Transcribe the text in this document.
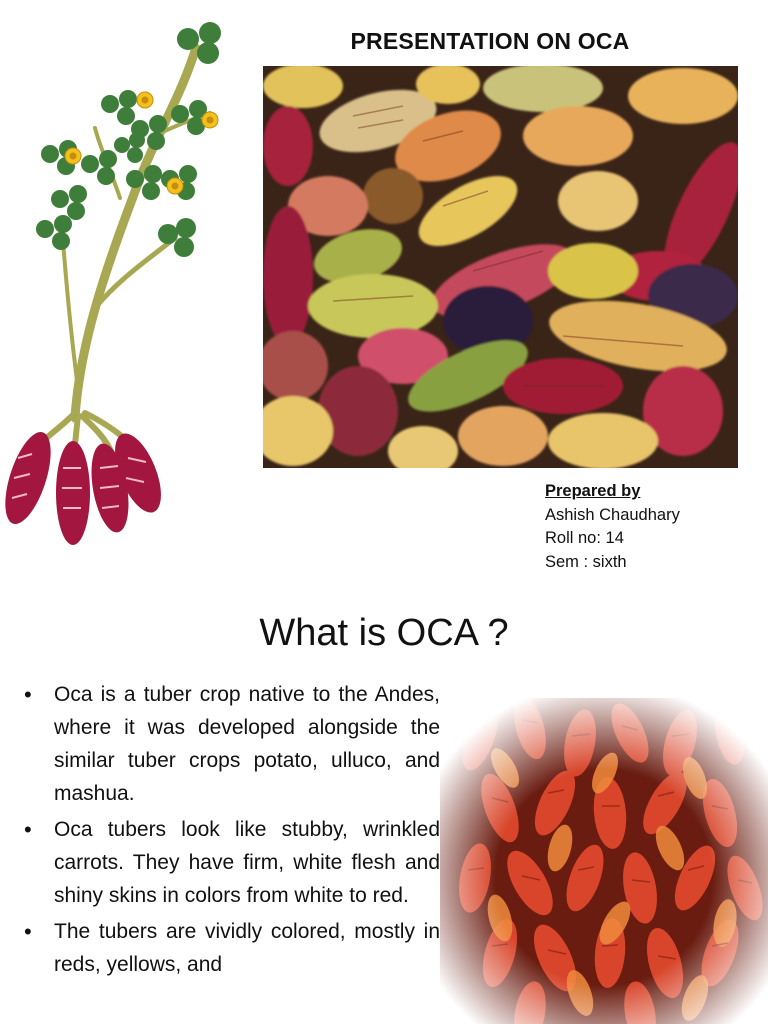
PRESENTATION ON OCA
Prepared by
Ashish Chaudhary
Roll no: 14
Sem : sixth
What is OCA ?
• Oca is a tuber crop native to the Andes, where it was developed alongside the similar tuber crops potato, ulluco, and mashua.
• Oca tubers look like stubby, wrinkled carrots. They have firm, white flesh and shiny skins in colors from white to red.
• The tubers are vividly colored, mostly in reds, yellows, and
